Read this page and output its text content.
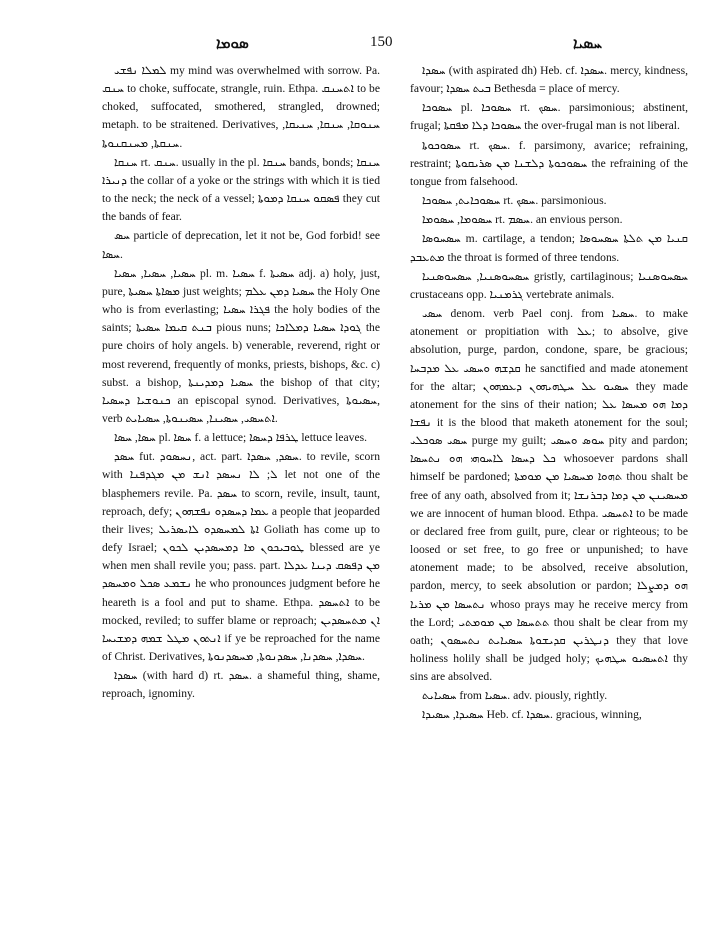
ܣܘܡܐ	150	ܚܣܝܐ

ܠܡܠܐ ܢܦܫܝ my mind was overwhelmed with sorrow. Pa. ܚܢܩ to choke, suffocate, strangle, ruin. Ethpa. ܐܬܚܢܩ to be choked, suffocated, smothered, strangled, drowned; metaph. to be straitened. Derivatives, ܚܢܘܩܐ, ܚܢܩܐ, ܚܢܝܩܐ, ܚܢܩܬܐ, ܡܚܢܩܢܘܬܐ.

ܚܢܩܐ rt. ܚܢܩ. usually in the pl. ܚܢܩܐ bands, bonds; ܚܢܩܐ ܕܢܝܪܐ the collar of a yoke or the strings with which it is tied to the neck; the neck of a vessel; ܦܣܩܘ ܚܢܩܐ ܕܡܘܬܐ they cut the bands of fear.

ܚܣ particle of deprecation, let it not be, God forbid! see ܚܣܐ.

ܚܣܝܐ, ܚܣܝܐ, ܚܣܝܐ pl. m. ܚܣܝܐ f. ܚܣܝܬܐ adj. a) holy, just, pure, ܡܣܐܬܐ ܚܣܝܬܐ just weights; ܚܣܝܐ ܕܡܢ ܥܠܡ the Holy One who is from everlasting; ܦܓܪܐ ܚܣܝܐ the holy bodies of the saints; ܒܢܬ ܩܝܡܐ ܚܣܝܬܐ pious nuns; ܓܘܕܐ ܚܣܝܐ ܕܡܠܐܟܐ the pure choirs of holy angels. b) venerable, reverend, right or most reverend, frequently of monks, priests, bishops, &c. c) subst. a bishop, ܚܣܝܐ ܕܡܕܝܢܬܐ the bishop of that city; ܟܢܘܫܝܐ ܕܚܣܝܐ an episcopal synod. Derivatives, ܚܣܝܘܬܐ, verb ܐܬܚܣܝ, ܚܣܝܢܐ, ܚܣܝܢܘܬܐ, ܚܣܝܐܝܬ.

ܚܣܐ, ܚܣܐ pl. ܚܣܐ f. a lettuce; ܛܪܦܐ ܕܚܣܐ lettuce leaves.

ܚܣܕ fut. ܢܚܣܘܕ, act. part. ܚܣܕ, ܚܣܕܐ. to revile, scorn with ܠ; ܠܐ ܢܚܣܕ ܐܢܫ ܡܢ ܡܓܕܦܢܐ let not one of the blasphemers revile. Pa. ܚܣܕ to scorn, revile, insult, taunt, reproach, defy; ܥܡܐ ܕܚܣܕܘ ܢܦܫܗܘܢ a people that jeoparded their lives; ܐܬܐ ܠܡܚܣܕܘ ܠܐܝܣܪܝܠ Goliath has come up to defy Israel; ܛܘܒܝܟܘܢ ܡܐ ܕܡܚܣܕܝܢ ܠܟܘܢ blessed are ye when men shall revile you; pass. part. ܡܢ ܕܦܣܩ ܕܝܢܐ ܥܕܠܐ ܢܫܡܥ ܣܟܠ ܘܡܚܣܕ he who pronounces judgment before he heareth is a fool and put to shame. Ethpa. ܐܬܚܣܕ to be mocked, reviled; to suffer blame or reproach; ܐܢ ܡܬܚܣܕܝܢ ܐܢܬܘܢ ܡܛܠ ܫܡܗ ܕܡܫܝܚܐ if ye be reproached for the name of Christ. Derivatives, ܚܣܕܐ, ܚܣܕܢܐ, ܚܣܕܢܘܬܐ, ܡܚܣܕܢܘܬܐ.

ܚܣܕܐ (with hard d) rt. ܚܣܕ. a shameful thing, shame, reproach, ignominy.

ܚܣܕܐ (with aspirated dh) Heb. cf. ܚܣܕܐ. mercy, kindness, favour; ܒܝܬ ܚܣܕܐ Bethesda = place of mercy.

ܚܣܘܟܐ pl. ܚܣܘܟܐ rt. ܚܣܟ. parsimonious; abstinent, frugal; ܚܣܘܟܐ ܕܠܐ ܡܦܩܬܐ the over-frugal man is not liberal.

ܚܣܘܟܘܬܐ rt. ܚܣܟ. f. parsimony, avarice; refraining, restraint; ܚܣܘܟܘܬܐ ܕܠܫܢܐ ܡܢ ܣܪܝܩܘܬܐ the refraining of the tongue from falsehood.

ܚܣܘܟܐܝܬ, ܚܣܘܟܐ rt. ܚܣܟ. parsimonious.

ܚܣܘܡܐ, ܚܣܘܡܐ rt. ܚܣܡ. an envious person.

ܚܣܚܘܣܐ m. cartilage, a tendon; ܩܢܝܐ ܡܢ ܬܠܬܐ ܚܣܚܘܣܐ ܡܬܥܒܕ the throat is formed of three tendons.

ܚܣܚܘܣܢܝܐ, ܚܣܚܘܣܢܝܐ gristly, cartilaginous; ܚܣܚܘܣܢܝܐ crustaceans opp. ܓܪܡܢܝܐ vertebrate animals.

ܚܣܝ denom. verb Pael conj. from ܚܣܝܐ. to make atonement or propitiation with ܥܠ; to absolve, give absolution, purge, pardon, condone, spare, be gracious; ܩܕܫܗ ܘܚܣܝ ܥܠ ܡܕܒܚܐ he sanctified and made atonement for the altar; ܚܣܝܘ ܥܠ ܚܛܗܝܗܘܢ ܕܥܡܗܘܢ they made atonement for the sins of their nation; ܕܡܐ ܗܘ ܡܚܣܐ ܥܠ ܢܦܫܐ it is the blood that maketh atonement for the soul; ܚܣܝ ܣܘܟܠܝ purge my guilt; ܚܘܣ ܘܚܣܝ pity and pardon; ܟܠ ܕܚܣܐ ܠܐܚܘܗܝ ܗܘ ܢܬܚܣܐ whosoever pardons shall himself be pardoned; ܬܗܘܐ ܡܚܣܝܐ ܡܢ ܡܘܡܬܐ thou shalt be free of any oath, absolved from it; ܡܚܣܝܢܢ ܡܢ ܕܡܐ ܕܒܪܢܫܐ we are innocent of human blood. Ethpa. ܐܬܚܣܝ to be made or declared free from guilt, pure, clear or righteous; to be loosed or set free, to go free or unpunished; to have atonement made; to be absolved, receive absolution, pardon, mercy, to seek absolution or pardon; ܗܘ ܕܡܨܠܐ ܢܬܚܣܐ ܡܢ ܡܪܝܐ whoso prays may he receive mercy from the Lord; ܬܬܚܣܐ ܡܢ ܡܘܡܬܝ thou shalt be clear from my oath; ܕܢܛܪܝܢ ܩܕܝܫܘܬܐ ܚܣܝܐܝܬ ܢܬܚܣܘܢ they that love holiness holily shall be judged holy; ܐܬܚܣܝܘ ܚܛܗܝܟ thy sins are absolved.

ܚܣܝܐܝܬ from ܚܣܝܐ. adv. piously, rightly.

ܚܣܝܕܐ, ܚܣܝܕܐ Heb. cf. ܚܣܕܐ. gracious, winning,
